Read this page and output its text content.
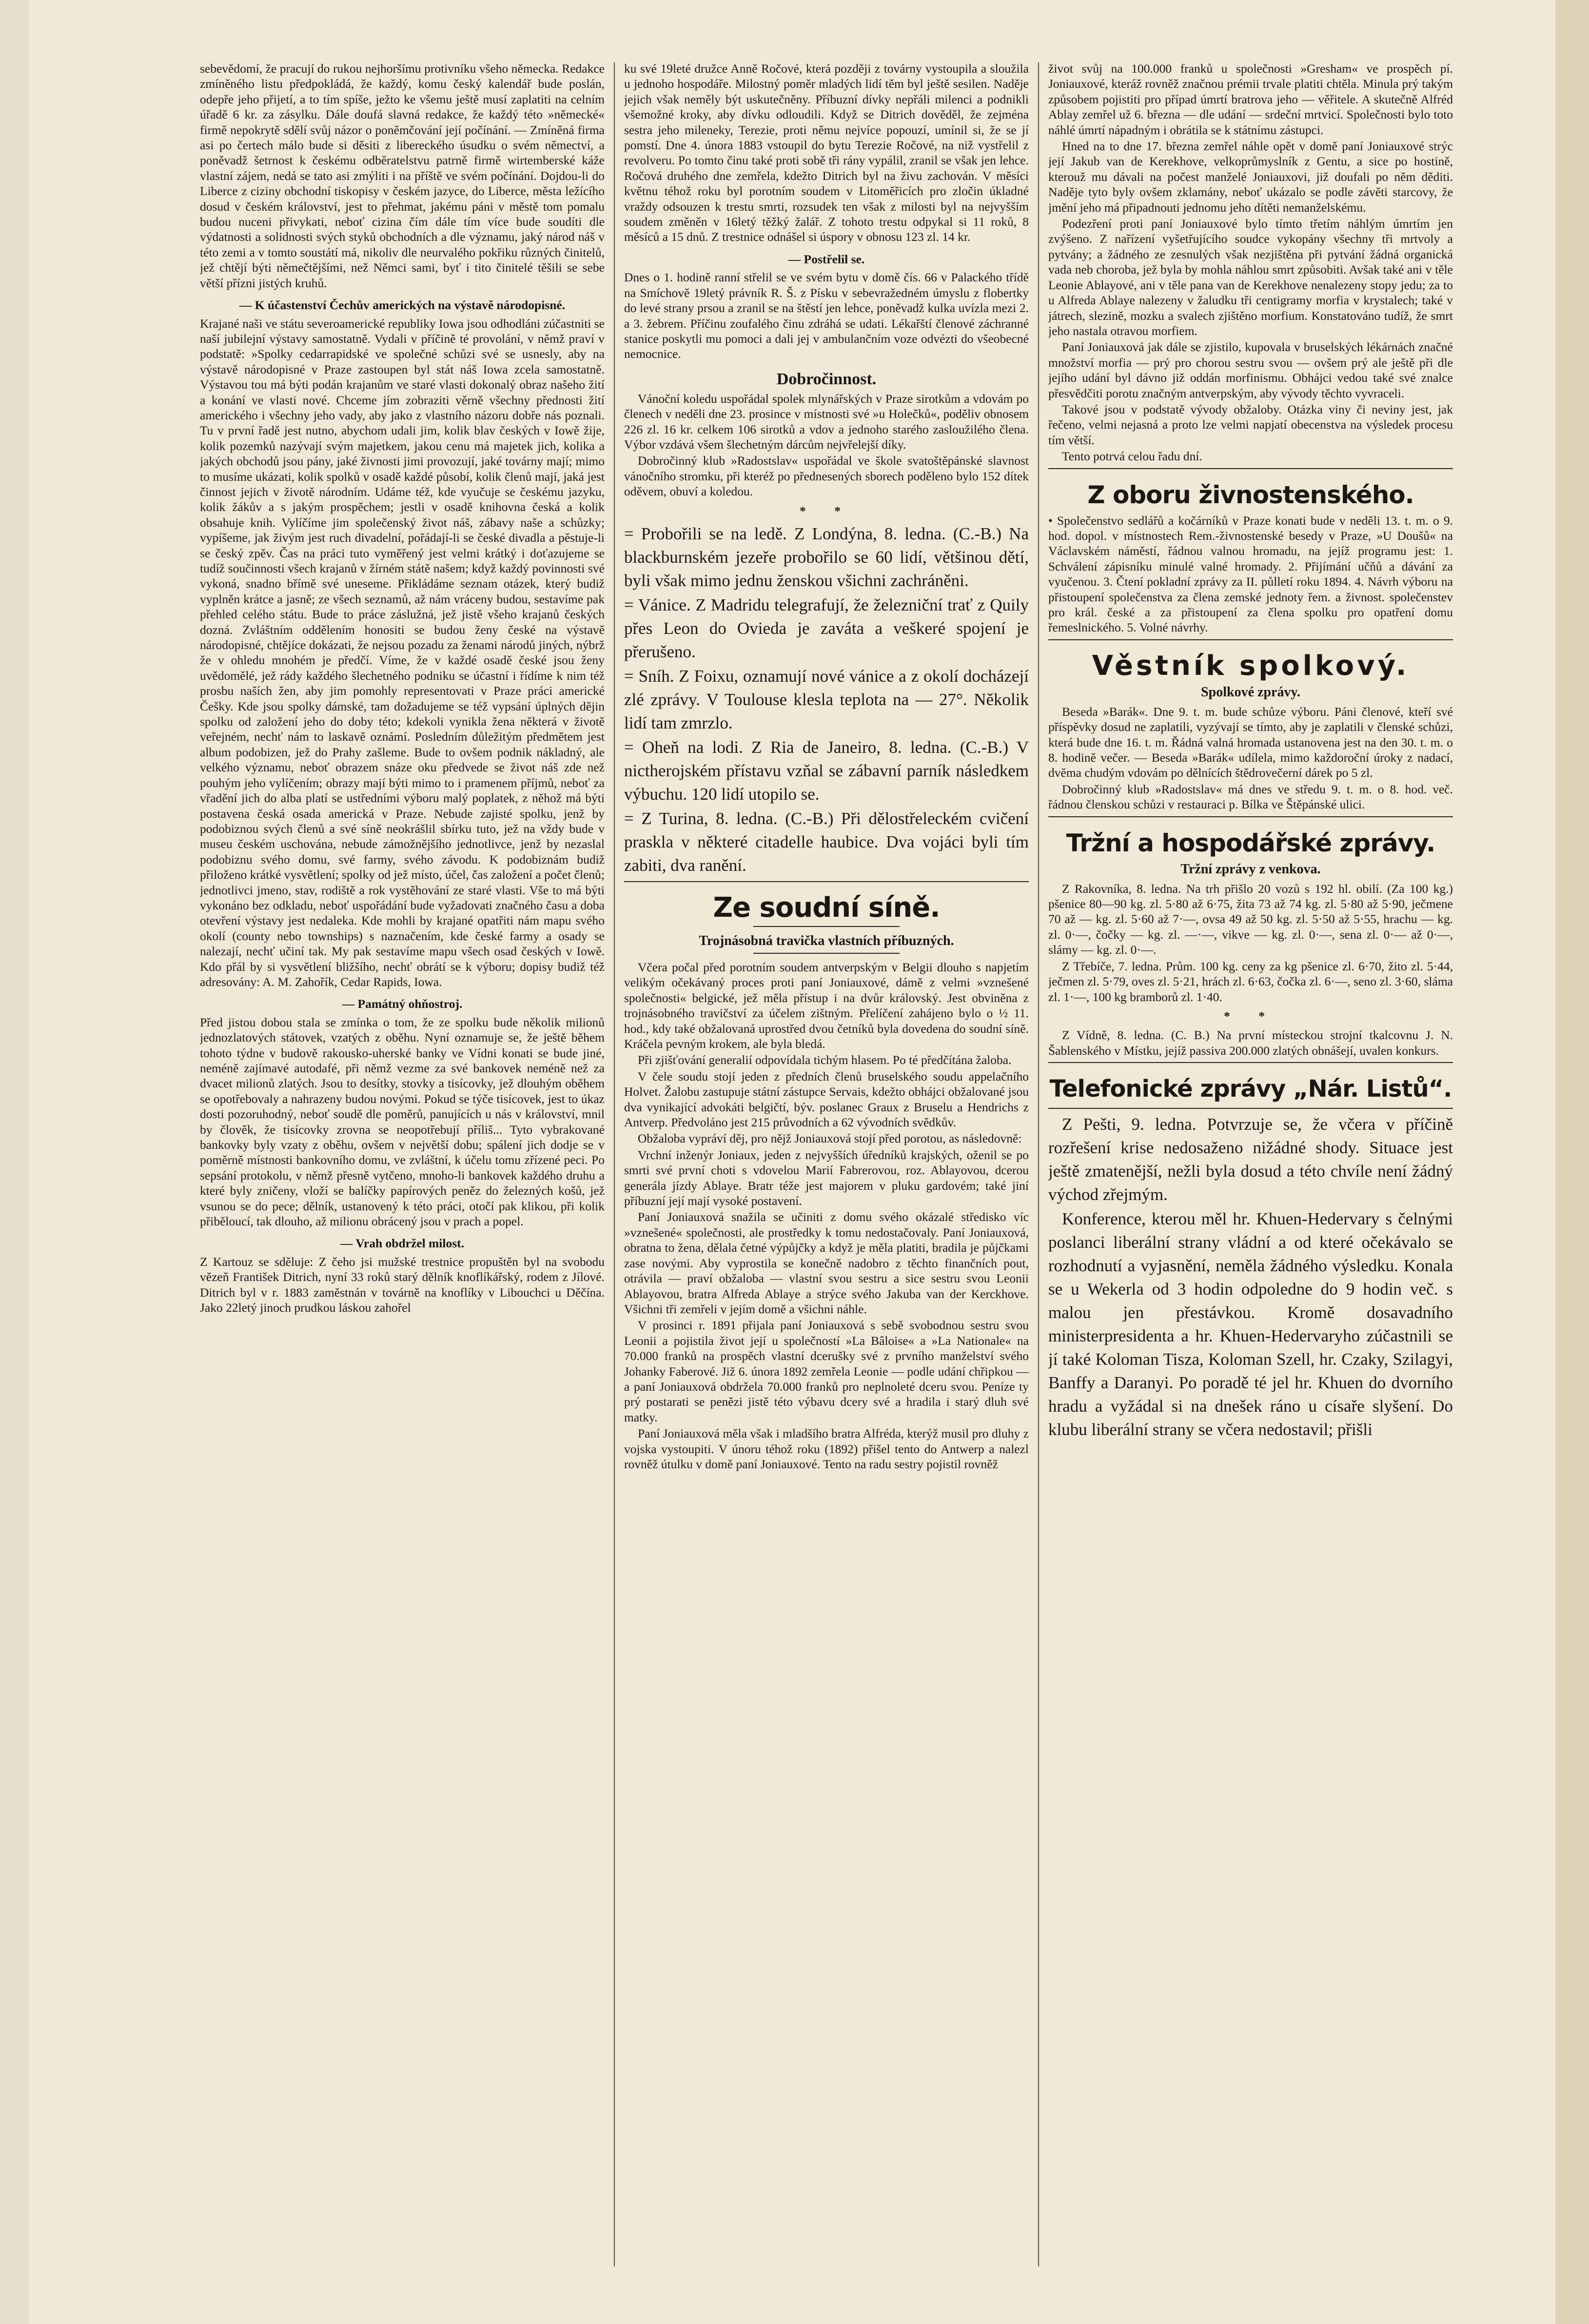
sebevědomí, že pracují do rukou nejhoršímu protivníku všeho německa. Redakce zmíněného listu předpokládá, že každý, komu český kalendář bude poslán, odepře jeho přijetí, a to tím spíše, ježto ke všemu ještě musí zaplatiti na celním úřadě 6 kr. za zásylku. Dále doufá slavná redakce, že každý této »německé« firmě nepokrytě sdělí svůj názor o poněmčování její počínání. — Zmíněná firma asi po čertech málo bude si děsiti z libereckého úsudku o svém němectví, a poněvadž šetrnost k českému odběratelstvu patrně firmě wirtemberské káže vlastní zájem, nedá se tato asi zmýliti i na příště ve svém počínání. Dojdou-li do Liberce z ciziny obchodní tiskopisy v českém jazyce, do Liberce, města ležícího dosud v českém království, jest to přehmat, jakému páni v městě tom pomalu budou nuceni přivykati, neboť cizina čím dále tím více bude soudíti dle výdatnosti a solidnosti svých styků obchodních a dle významu, jaký národ náš v této zemi a v tomto soustátí má, nikoliv dle neurvalého pokřiku různých činitelů, jež chtějí býti němečtějšími, než Němci sami, byť i tito činitelé těšili se sebe větší přízni jistých kruhů.

— K účastenství Čechův amerických na výstavě národopisné.

Krajané naši ve státu severoamerické republiky Iowa jsou odhodláni zúčastniti se naší jubilejní výstavy samostatně. Vydali v příčině té provolání, v němž praví v podstatě: »Spolky cedarrapidské ve společné schůzi své se usnesly, aby na výstavě národopisné v Praze zastoupen byl stát náš Iowa zcela samostatně. Výstavou tou má býti podán krajanům ve staré vlasti dokonalý obraz našeho žití a konání ve vlasti nové. Chceme jím zobraziti věrně všechny přednosti žití amerického i všechny jeho vady, aby jako z vlastního názoru dobře nás poznali. Tu v první řadě jest nutno, abychom udali jim, kolik blav českých v Iowě žije, kolik pozemků nazývají svým majetkem, jakou cenu má majetek jich, kolika a jakých obchodů jsou pány, jaké živnosti jimi provozují, jaké továrny mají; mimo to musíme ukázati, kolik spolků v osadě každé působí, kolik členů mají, jaká jest činnost jejich v životě národním. Udáme též, kde vyučuje se českému jazyku, kolik žákův a s jakým prospěchem; jestli v osadě knihovna česká a kolik obsahuje knih. Vylíčíme jim společenský život náš, zábavy naše a schůzky; vypíšeme, jak živým jest ruch divadelní, pořádají-li se české divadla a pěstuje-li se český zpěv. Čas na práci tuto vyměřený jest velmi krátký i doťazujeme se tudíž součinnosti všech krajanů v žírném státě našem; když každý povinnosti své vykoná, snadno břímě své uneseme. Přikládáme seznam otázek, který budiž vyplněn krátce a jasně; ze všech seznamů, až nám vráceny budou, sestavíme pak přehled celého státu. Bude to práce záslužná, jež jistě všeho krajanů českých dozná. Zvláštním oddělením honositi se budou ženy české na výstavě národopisné, chtějíce dokázati, že nejsou pozadu za ženami národů jiných, nýbrž že v ohledu mnohém je předčí. Víme, že v každé osadě české jsou ženy uvědomělé, jež rády každého šlechetného podniku se účastní i řídíme k nim též prosbu naších žen, aby jim pomohly representovati v Praze práci americké Češky. Kde jsou spolky dámské, tam dožadujeme se též vypsání úplných dějin spolku od založení jeho do doby této; kdekoli vynikla žena některá v životě veřejném, nechť nám to laskavě oznámí. Posledním důležitým předmětem jest album podobizen, jež do Prahy zašleme. Bude to ovšem podnik nákladný, ale velkého významu, neboť obrazem snáze oku předvede se život náš zde než pouhým jeho vylíčením; obrazy mají býti mimo to i pramenem příjmů, neboť za vřadění jich do alba platí se ustředními výboru malý poplatek, z něhož má býti postavena česká osada americká v Praze. Nebude zajisté spolku, jenž by podobiznou svých členů a své síně neokrášlil sbírku tuto, jež na vždy bude v museu českém uschována, nebude zámožnějšího jednotlivce, jenž by nezaslal podobiznu svého domu, své farmy, svého závodu. K podobiznám budiž přiloženo krátké vysvětlení; spolky od jež místo, účel, čas založení a počet členů; jednotlivci jmeno, stav, rodiště a rok vystěhování ze staré vlasti. Vše to má býti vykonáno bez odkladu, neboť uspořádání bude vyžadovati značného času a doba otevření výstavy jest nedaleka. Kde mohli by krajané opatřiti nám mapu svého okolí (county nebo townships) s naznačením, kde české farmy a osady se nalezají, nechť učiní tak. My pak sestavíme mapu všech osad českých v Iowě. Kdo přál by si vysvětlení bližšího, nechť obrátí se k výboru; dopisy budiž též adresovány: A. M. Zahořík, Cedar Rapids, Iowa.

— Památný ohňostroj.

Před jistou dobou stala se zmínka o tom, že ze spolku bude několik milionů jednozlatových státovek, vzatých z oběhu. Nyní oznamuje se, že ještě během tohoto týdne v budově rakousko-uherské banky ve Vídni konati se bude jiné, neméně zajímavé autodafé, při němž vezme za své bankovek neméně než za dvacet milionů zlatých. Jsou to desítky, stovky a tisícovky, jež dlouhým oběhem se opotřebovaly a nahrazeny budou novými. Pokud se týče tisícovek, jest to úkaz dosti pozoruhodný, neboť soudě dle poměrů, panujících u nás v království, mnil by člověk, že tisícovky zrovna se neopotřebují příliš... Tyto vybrakované bankovky byly vzaty z oběhu, ovšem v největší dobu; spálení jich dodje se v poměrně místnosti bankovního domu, ve zvláštní, k účelu tomu zřízené peci. Po sepsání protokolu, v němž přesně vytčeno, mnoho-li bankovek každého druhu a které byly zničeny, vloží se balíčky papírových peněz do železných košů, jež vsunou se do pece; dělník, ustanovený k této práci, otočí pak klikou, při kolik přiběloucí, tak dlouho, až milionu obrácený jsou v prach a popel.

— Vrah obdržel milost.

Z Kartouz se sděluje: Z čeho jsi mužské trestnice propuštěn byl na svobodu vězeň František Ditrich, nyní 33 roků starý dělník knoflíkářský, rodem z Jílové. Ditrich byl v r. 1883 zaměstnán v továrně na knoflíky v Libouchci u Děčína. Jako 22letý jinoch prudkou láskou zahořel

ku své 19leté družce Anně Ročové, která později z továrny vystoupila a sloužila u jednoho hospodáře. Milostný poměr mladých lidí těm byl ještě sesilen. Naděje jejich však neměly být uskutečněny. Příbuzní dívky nepřáli milenci a podnikli všemožné kroky, aby dívku odloudili. Když se Ditrich dověděl, že zejména sestra jeho mileneky, Terezie, proti němu nejvíce popouzí, umínil si, že se jí pomstí. Dne 4. února 1883 vstoupil do bytu Terezie Ročové, na niž vystřelil z revolveru. Po tomto činu také proti sobě tři rány vypálil, zranil se však jen lehce. Ročová druhého dne zemřela, kdežto Ditrich byl na živu zachován. V měsíci květnu téhož roku byl porotním soudem v Litoměřicích pro zločin úkladné vraždy odsouzen k trestu smrti, rozsudek ten však z milosti byl na nejvyšším soudem změněn v 16letý těžký žalář. Z tohoto trestu odpykal si 11 roků, 8 měsíců a 15 dnů. Z trestnice odnášel si úspory v obnosu 123 zl. 14 kr.

— Postřelil se.

Dnes o 1. hodině ranní střelil se ve svém bytu v domě čís. 66 v Palackého třídě na Smíchově 19letý právník R. Š. z Písku v sebevražedném úmyslu z flobertky do levé strany prsou a zranil se na štěstí jen lehce, poněvadž kulka uvízla mezi 2. a 3. žebrem. Příčinu zoufalého činu zdráhá se udati. Lékařští členové záchranné stanice poskytli mu pomoci a dali jej v ambulančním voze odvézti do všeobecné nemocnice.

Dobročinnost.

Vánoční koledu uspořádal spolek mlynářských v Praze sirotkům a vdovám po členech v neděli dne 23. prosince v místnosti své »u Holečků«, poděliv obnosem 226 zl. 16 kr. celkem 106 sirotků a vdov a jednoho starého zasloužilého člena. Výbor vzdává všem šlechetným dárcům nejvřelejší díky.

Dobročinný klub »Radostslav« uspořádal ve školе svatoštěpánské slavnost vánočního stromku, při kteréž po přednesených sborech poděleno bylo 152 dítek oděvem, obuví a koledou.

* *

= Probořili se na ledě. Z Londýna, 8. ledna. (C.-B.) Na blackburnském jezeře probořilo se 60 lidí, většinou dětí, byli však mimo jednu ženskou všichni zachráněni.

= Vánice. Z Madridu telegrafují, že železniční trať z Quily přes Leon do Ovieda je zaváta a veškeré spojení je přerušeno.

= Sníh. Z Foixu, oznamují nové vánice a z okolí docházejí zlé zprávy. V Toulouse klesla teplota na — 27°. Několik lidí tam zmrzlo.

= Oheň na lodi. Z Ria de Janeiro, 8. ledna. (C.-B.) V nictherojském přístavu vzňal se zábavní parník následkem výbuchu. 120 lidí utopilo se.

= Z Turina, 8. ledna. (C.-B.) Při dělostřeleckém cvičení praskla v některé citadelle haubice. Dva vojáci byli tím zabiti, dva ranění.

Ze soudní síně.
Trojnásobná travička vlastních příbuzných.

Včera počal před porotním soudem antverpským v Belgii dlouho s napjetím velikým očekávaný proces proti paní Joniauxové, dámě z velmi »vznešené společnosti« belgické, jež měla přístup i na dvůr královský. Jest obviněna z trojnásobného travičství za účelem zištným. Přelíčení zahájeno bylo o ½ 11. hod., kdy také obžalovaná uprostřed dvou četníků byla dovedena do soudní síně. Kráčela pevným krokem, ale byla bledá.

Při zjišťování generalií odpovídala tichým hlasem. Po té předčítána žaloba.

V čele soudu stojí jeden z předních členů bruselského soudu appelačního Holvet. Žalobu zastupuje státní zástupce Servais, kdežto obhájci obžalované jsou dva vynikající advokáti belgičtí, býv. poslanec Graux z Bruselu a Hendrichs z Antverp. Předvoláno jest 215 průvodních a 62 vývodních svědkův.

Obžaloba vypráví děj, pro nějž Joniauxová stojí před porotou, as následovně:

Vrchní inženýr Joniaux, jeden z nejvyšších úředníků krajských, oženil se po smrti své první choti s vdovelou Marií Fabrerovou, roz. Ablayovou, dcerou generála jízdy Ablaye. Bratr téže jest majorem v pluku gardovém; také jiní příbuzní její mají vysoké postavení.

Paní Joniauxová snažila se učiniti z domu svého okázalé středisko víc »vznešené« společnosti, ale prostředky k tomu nedostačovaly. Paní Joniauxová, obratna to žena, dělala četné výpůjčky a když je měla platiti, bradila je půjčkami zase novými. Aby vyprostila se konečně nadobro z těchto finančních pout, otrávila — praví obžaloba — vlastní svou sestru a sice sestru svou Leonii Ablayovou, bratra Alfreda Ablaye a strýce svého Jakuba van der Kerckhove. Všichni tři zemřeli v jejím domě a všichni náhle.

V prosinci r. 1891 přijala paní Joniauxová s sebě svobodnou sestru svou Leonii a pojistila život její u společností »La Bâloise« a »La Nationale« na 70.000 franků na prospěch vlastní dcerušky své z prvního manželství svého Johanky Faberové. Již 6. února 1892 zemřela Leonie — podle udání chřipkou — a paní Joniauxová obdržela 70.000 franků pro neplnoleté dceru svou. Peníze ty prý postarati se penězi jistě této výbavu dcery své a hradila i starý dluh své matky.

Paní Joniauxová měla však i mladšího bratra Alfréda, kterýž musil pro dluhy z vojska vystoupiti. V únoru téhož roku (1892) přišel tento do Antwerp a nalezl rovněž útulku v domě paní Joniauxové. Tento na radu sestry pojistil rovněž

život svůj na 100.000 franků u společnosti »Gresham« ve prospěch pí. Joniauxové, kteráž rovněž značnou prémii trvale platiti chtěla. Minula prý takým způsobem pojistiti pro případ úmrtí bratrova jeho — věřitele. A skutečně Alfréd Ablay zemřel už 6. března — dle udání — srdeční mrtvicí. Společnosti bylo toto náhlé úmrtí nápadným i obrátila se k státnímu zástupci.

Hned na to dne 17. března zemřel náhle opět v domě paní Joniauxové strýc její Jakub van de Kerekhove, velkoprůmyslník z Gentu, a sice po hostině, kterouž mu dávali na počest manželé Joniauxovi, již doufali po něm děditi. Naděje tyto byly ovšem zklamány, neboť ukázalo se podle závěti starcovy, že jmění jeho má připadnouti jednomu jeho dítěti nemanželskému.

Podezření proti paní Joniauxové bylo tímto třetím náhlým úmrtím jen zvýšeno. Z nařízení vyšetřujícího soudce vykopány všechny tři mrtvoly a pytvány; a žádného ze zesnulých však nezjištěna při pytvání žádná organická vada neb choroba, jež byla by mohla náhlou smrt způsobiti. Avšak také ani v těle Leonie Ablayové, ani v těle pana van de Kerekhove nenalezeny stopy jedu; za to u Alfreda Ablaye nalezeny v žaludku tři centigramy morfia v krystalech; také v játrech, slezině, mozku a svalech zjištěno morfium. Konstatováno tudíž, že smrt jeho nastala otravou morfiem.

Paní Joniauxová jak dále se zjistilo, kupovala v bruselských lékárnách značné množství morfia — prý pro chorou sestru svou — ovšem prý ale ještě při dle jejího udání byl dávno již oddán morfinismu. Obhájci vedou také své znalce přesvědčiti porotu značným antverpským, aby vývody těchto vyvraceli.

Takové jsou v podstatě vývody obžaloby. Otázka viny či neviny jest, jak řečeno, velmi nejasná a proto lze velmi napjatí obecenstva na výsledek procesu tím větší.

Tento potrvá celou řadu dní.

Z oboru živnostenského.

• Společenstvo sedlářů a kočárníků v Praze konati bude v neděli 13. t. m. o 9. hod. dopol. v místnostech Rem.-živnostenské besedy v Praze, »U Doušů« na Václavském náměstí, řádnou valnou hromadu, na jejíž programu jest: 1. Schválení zápisníku minulé valné hromady. 2. Přijímání učňů a dávání za vyučenou. 3. Čtení pokladní zprávy za II. půlletí roku 1894. 4. Návrh výboru na přistoupení společenstva za člena zemské jednoty řem. a živnost. společenstev pro král. české a za přistoupení za člena spolku pro opatření domu řemeslnického. 5. Volné návrhy.

Věstník spolkový.
Spolkové zprávy.

Beseda »Barák«. Dne 9. t. m. bude schůze výboru. Páni členové, kteří své příspěvky dosud ne zaplatili, vyzývají se tímto, aby je zaplatili v členské schůzi, která bude dne 16. t. m. Řádná valná hromada ustanovena jest na den 30. t. m. o 8. hodině večer. — Beseda »Barák« udílela, mimo každoroční úroky z nadací, dvěma chudým vdovám po dělnících štědrovečerní dárek po 5 zl.

Dobročinný klub »Radostslav« má dnes ve středu 9. t. m. o 8. hod. več. řádnou členskou schůzi v restauraci p. Bílka ve Štěpánské ulici.

Tržní a hospodářské zprávy.
Tržní zprávy z venkova.

Z Rakovníka, 8. ledna. Na trh přišlo 20 vozů s 192 hl. obilí. (Za 100 kg.) pšenice 80—90 kg. zl. 5·80 až 6·75, žita 73 až 74 kg. zl. 5·80 až 5·90, ječmene 70 až — kg. zl. 5·60 až 7·—, ovsa 49 až 50 kg. zl. 5·50 až 5·55, hrachu — kg. zl. 0·—, čočky — kg. zl. —·—, vikve — kg. zl. 0·—, sena zl. 0·— až 0·—, slámy — kg. zl. 0·—.

Z Třebíče, 7. ledna. Prům. 100 kg. ceny za kg pšenice zl. 6·70, žito zl. 5·44, ječmen zl. 5·79, oves zl. 5·21, hrách zl. 6·63, čočka zl. 6·—, seno zl. 3·60, sláma zl. 1·—, 100 kg bramborů zl. 1·40.

* *

Z Vídně, 8. ledna. (C. B.) Na první místeckou strojní tkalcovnu J. N. Šablenského v Místku, jejíž passiva 200.000 zlatých obnášejí, uvalen konkurs.

Telefonické zprávy „Nár. Listů“.

Z Pešti, 9. ledna. Potvrzuje se, že včera v příčině rozřešení krise nedosaženo nižádné shody. Situace jest ještě zmatenější, nežli byla dosud a této chvíle není žádný východ zřejmým.

Konference, kterou měl hr. Khuen-Hedervary s čelnými poslanci liberální strany vládní a od které očekávalo se rozhodnutí a vyjasnění, neměla žádného výsledku. Konala se u Wekerla od 3 hodin odpoledne do 9 hodin več. s malou jen přestávkou. Kromě dosavadního ministerpresidenta a hr. Khuen-Hedervaryho zúčastnili se jí také Koloman Tisza, Koloman Szell, hr. Czaky, Szilagyi, Banffy a Daranyi. Po poradě té jel hr. Khuen do dvorního hradu a vyžádal si na dnešek ráno u císaře slyšení. Do klubu liberální strany se včera nedostavil; přišli
